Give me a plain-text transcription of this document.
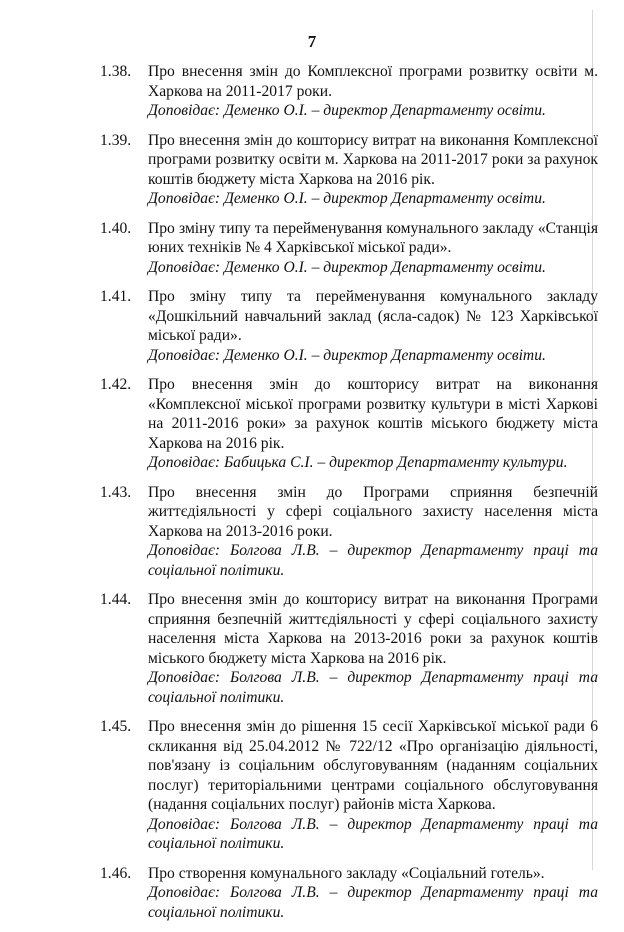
7
1.38.	Про внесення змін до Комплексної програми розвитку освіти м. Харкова на 2011-2017 роки.

Доповідає: Деменко О.І. – директор Департаменту освіти.

1.39.	Про внесення змін до кошторису витрат на виконання Комплексної програми розвитку освіти м. Харкова на 2011-2017 роки за рахунок коштів бюджету міста Харкова на 2016 рік.

Доповідає: Деменко О.І. – директор Департаменту освіти.

1.40.	Про зміну типу та перейменування комунального закладу «Станція юних техніків № 4 Харківської міської ради».

Доповідає: Деменко О.І. – директор Департаменту освіти.

1.41.	Про зміну типу та перейменування комунального закладу «Дошкільний навчальний заклад (ясла-садок) № 123 Харківської міської ради».

Доповідає: Деменко О.І. – директор Департаменту освіти.

1.42.	Про внесення змін до кошторису витрат на виконання «Комплексної міської програми розвитку культури в місті Харкові на 2011-2016 роки» за рахунок коштів міського бюджету міста Харкова на 2016 рік.

Доповідає: Бабицька С.І. – директор Департаменту культури.

1.43.	Про внесення змін до Програми сприяння безпечній життєдіяльності у сфері соціального захисту населення міста Харкова на 2013-2016 роки.

Доповідає: Болгова Л.В. – директор Департаменту праці та соціальної політики.

1.44.	Про внесення змін до кошторису витрат на виконання Програми сприяння безпечній життєдіяльності у сфері соціального захисту населення міста Харкова на 2013-2016 роки за рахунок коштів міського бюджету міста Харкова на 2016 рік.

Доповідає: Болгова Л.В. – директор Департаменту праці та соціальної політики.

1.45.	Про внесення змін до рішення 15 сесії Харківської міської ради 6 скликання від 25.04.2012 № 722/12 «Про організацію діяльності, пов'язану із соціальним обслуговуванням (наданням соціальних послуг) територіальними центрами соціального обслуговування (надання соціальних послуг) районів міста Харкова.

Доповідає: Болгова Л.В. – директор Департаменту праці та соціальної політики.

1.46.	Про створення комунального закладу «Соціальний готель».

Доповідає: Болгова Л.В. – директор Департаменту праці та соціальної політики.
